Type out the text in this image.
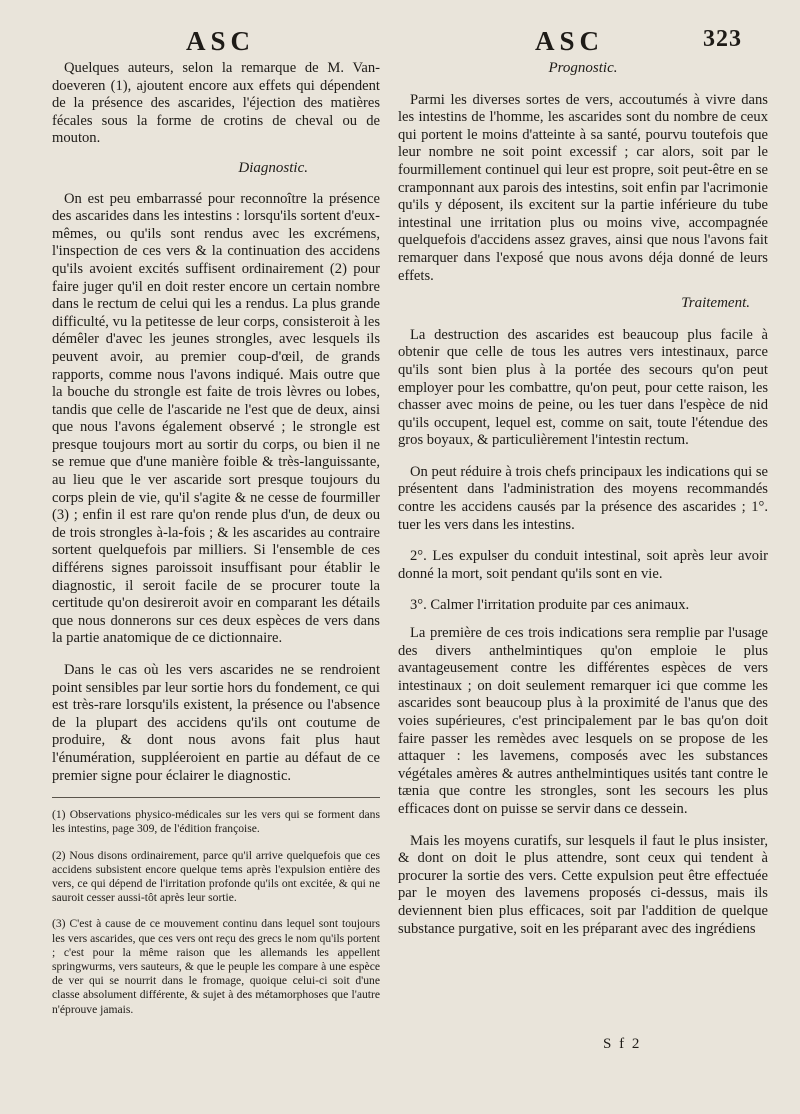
ASC	ASC	323

Quelques auteurs, selon la remarque de M. Van-doeveren (1), ajoutent encore aux effets qui dépendent de la présence des ascarides, l'éjection des matières fécales sous la forme de crotins de cheval ou de mouton.

Diagnostic.

On est peu embarrassé pour reconnoître la présence des ascarides dans les intestins : lorsqu'ils sortent d'eux-mêmes, ou qu'ils sont rendus avec les excrémens, l'inspection de ces vers & la continuation des accidens qu'ils avoient excités suffisent ordinairement (2) pour faire juger qu'il en doit rester encore un certain nombre dans le rectum de celui qui les a rendus. La plus grande difficulté, vu la petitesse de leur corps, consisteroit à les démêler d'avec les jeunes strongles, avec lesquels ils peuvent avoir, au premier coup-d'œil, de grands rapports, comme nous l'avons indiqué. Mais outre que la bouche du strongle est faite de trois lèvres ou lobes, tandis que celle de l'ascaride ne l'est que de deux, ainsi que nous l'avons également observé ; le strongle est presque toujours mort au sortir du corps, ou bien il ne se remue que d'une manière foible & très-languissante, au lieu que le ver ascaride sort presque toujours du corps plein de vie, qu'il s'agite & ne cesse de fourmiller (3) ; enfin il est rare qu'on rende plus d'un, de deux ou de trois strongles à-la-fois ; & les ascarides au contraire sortent quelquefois par milliers. Si l'ensemble de ces différens signes paroissoit insuffisant pour établir le diagnostic, il seroit facile de se procurer toute la certitude qu'on desireroit avoir en comparant les détails que nous donnerons sur ces deux espèces de vers dans la partie anatomique de ce dictionnaire.

Dans le cas où les vers ascarides ne se rendroient point sensibles par leur sortie hors du fondement, ce qui est très-rare lorsqu'ils existent, la présence ou l'absence de la plupart des accidens qu'ils ont coutume de produire, & dont nous avons fait plus haut l'énumération, suppléeroient en partie au défaut de ce premier signe pour éclairer le diagnostic.

(1) Observations physico-médicales sur les vers qui se forment dans les intestins, page 309, de l'édition françoise.

(2) Nous disons ordinairement, parce qu'il arrive quelquefois que ces accidens subsistent encore quelque tems après l'expulsion entière des vers, ce qui dépend de l'irritation profonde qu'ils ont excitée, & qui ne sauroit cesser aussi-tôt après leur sortie.

(3) C'est à cause de ce mouvement continu dans lequel sont toujours les vers ascarides, que ces vers ont reçu des grecs le nom qu'ils portent ; c'est pour la même raison que les allemands les appellent springwurms, vers sauteurs, & que le peuple les compare à une espèce de ver qui se nourrit dans le fromage, quoique celui-ci soit d'une classe absolument différente, & sujet à des métamorphoses que l'autre n'éprouve jamais.

Prognostic.

Parmi les diverses sortes de vers, accoutumés à vivre dans les intestins de l'homme, les ascarides sont du nombre de ceux qui portent le moins d'atteinte à sa santé, pourvu toutefois que leur nombre ne soit point excessif ; car alors, soit par le fourmillement continuel qui leur est propre, soit peut-être en se cramponnant aux parois des intestins, soit enfin par l'acrimonie qu'ils y déposent, ils excitent sur la partie inférieure du tube intestinal une irritation plus ou moins vive, accompagnée quelquefois d'accidens assez graves, ainsi que nous l'avons fait remarquer dans l'exposé que nous avons déja donné de leurs effets.

Traitement.

La destruction des ascarides est beaucoup plus facile à obtenir que celle de tous les autres vers intestinaux, parce qu'ils sont bien plus à la portée des secours qu'on peut employer pour les combattre, qu'on peut, pour cette raison, les chasser avec moins de peine, ou les tuer dans l'espèce de nid qu'ils occupent, lequel est, comme on sait, toute l'étendue des gros boyaux, & particulièrement l'intestin rectum.

On peut réduire à trois chefs principaux les indications qui se présentent dans l'administration des moyens recommandés contre les accidens causés par la présence des ascarides ; 1°. tuer les vers dans les intestins.

2°. Les expulser du conduit intestinal, soit après leur avoir donné la mort, soit pendant qu'ils sont en vie.

3°. Calmer l'irritation produite par ces animaux.

La première de ces trois indications sera remplie par l'usage des divers anthelmintiques qu'on emploie le plus avantageusement contre les différentes espèces de vers intestinaux ; on doit seulement remarquer ici que comme les ascarides sont beaucoup plus à la proximité de l'anus que des voies supérieures, c'est principalement par le bas qu'on doit faire passer les remèdes avec lesquels on se propose de les attaquer : les lavemens, composés avec les substances végétales amères & autres anthelmintiques usités tant contre le tænia que contre les strongles, sont les secours les plus efficaces dont on puisse se servir dans ce dessein.

Mais les moyens curatifs, sur lesquels il faut le plus insister, & dont on doit le plus attendre, sont ceux qui tendent à procurer la sortie des vers. Cette expulsion peut être effectuée par le moyen des lavemens proposés ci-dessus, mais ils deviennent bien plus efficaces, soit par l'addition de quelque substance purgative, soit en les préparant avec des ingrédiens

S f 2
